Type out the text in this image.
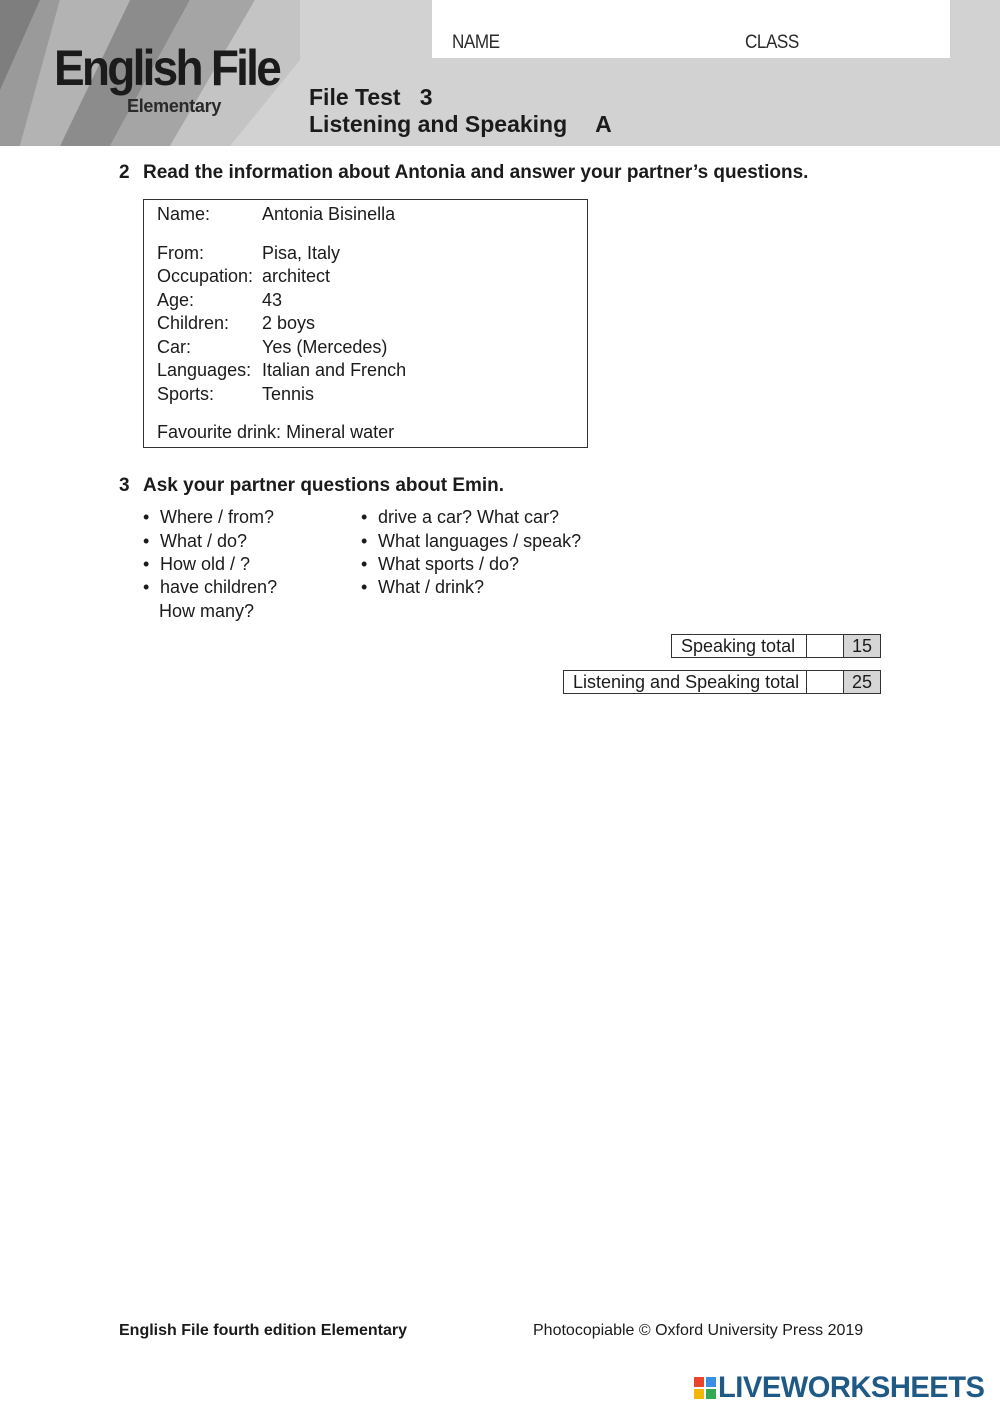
English File
Elementary
NAME	CLASS
File Test   3
Listening and Speaking A
2 Read the information about Antonia and answer your partner’s questions.
Name:	Antonia Bisinella
From:	Pisa, Italy
Occupation: architect
Age:	43
Children: 2 boys
Car:	Yes (Mercedes)
Languages: Italian and French
Sports:	Tennis
Favourite drink: Mineral water
3 Ask your partner questions about Emin.
• Where / from?
• What / do?
• How old / ?
• have children?
How many?
• drive a car? What car?
• What languages / speak?
• What sports / do?
• What / drink?
Speaking total	15
Listening and Speaking total	25
English File fourth edition Elementary	Photocopiable © Oxford University Press 2019
LIVEWORKSHEETS
